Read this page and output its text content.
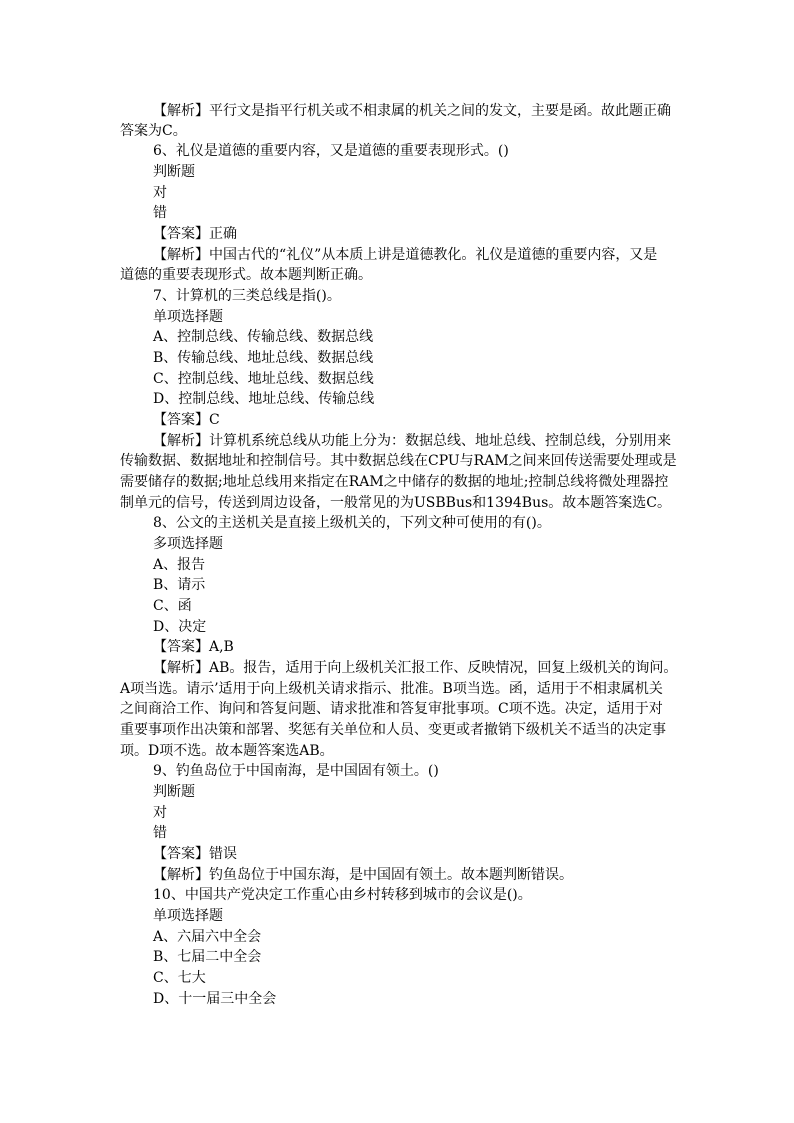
【解析】平行文是指平行机关或不相隶属的机关之间的发文，主要是函。故此题正确
答案为C。
6、礼仪是道德的重要内容，又是道德的重要表现形式。()
判断题
对
错
【答案】正确
【解析】中国古代的“礼仪”从本质上讲是道德教化。礼仪是道德的重要内容，又是
道德的重要表现形式。故本题判断正确。
7、计算机的三类总线是指()。
单项选择题
A、控制总线、传输总线、数据总线
B、传输总线、地址总线、数据总线
C、控制总线、地址总线、数据总线
D、控制总线、地址总线、传输总线
【答案】C
【解析】计算机系统总线从功能上分为：数据总线、地址总线、控制总线，分别用来
传输数据、数据地址和控制信号。其中数据总线在CPU与RAM之间来回传送需要处理或是
需要储存的数据;地址总线用来指定在RAM之中储存的数据的地址;控制总线将微处理器控
制单元的信号，传送到周边设备，一般常见的为USBBus和1394Bus。故本题答案选C。
8、公文的主送机关是直接上级机关的，下列文种可使用的有()。
多项选择题
A、报告
B、请示
C、函
D、决定
【答案】A,B
【解析】AB。报告，适用于向上级机关汇报工作、反映情况，回复上级机关的询问。
A项当选。请示’适用于向上级机关请求指示、批准。B项当选。函，适用于不相隶属机关
之间商洽工作、询问和答复问题、请求批准和答复审批事项。C项不选。决定，适用于对
重要事项作出决策和部署、奖惩有关单位和人员、变更或者撤销下级机关不适当的决定事
项。D项不选。故本题答案选AB。
9、钓鱼岛位于中国南海，是中国固有领土。()
判断题
对
错
【答案】错误
【解析】钓鱼岛位于中国东海，是中国固有领土。故本题判断错误。
10、中国共产党决定工作重心由乡村转移到城市的会议是()。
单项选择题
A、六届六中全会
B、七届二中全会
C、七大
D、十一届三中全会
